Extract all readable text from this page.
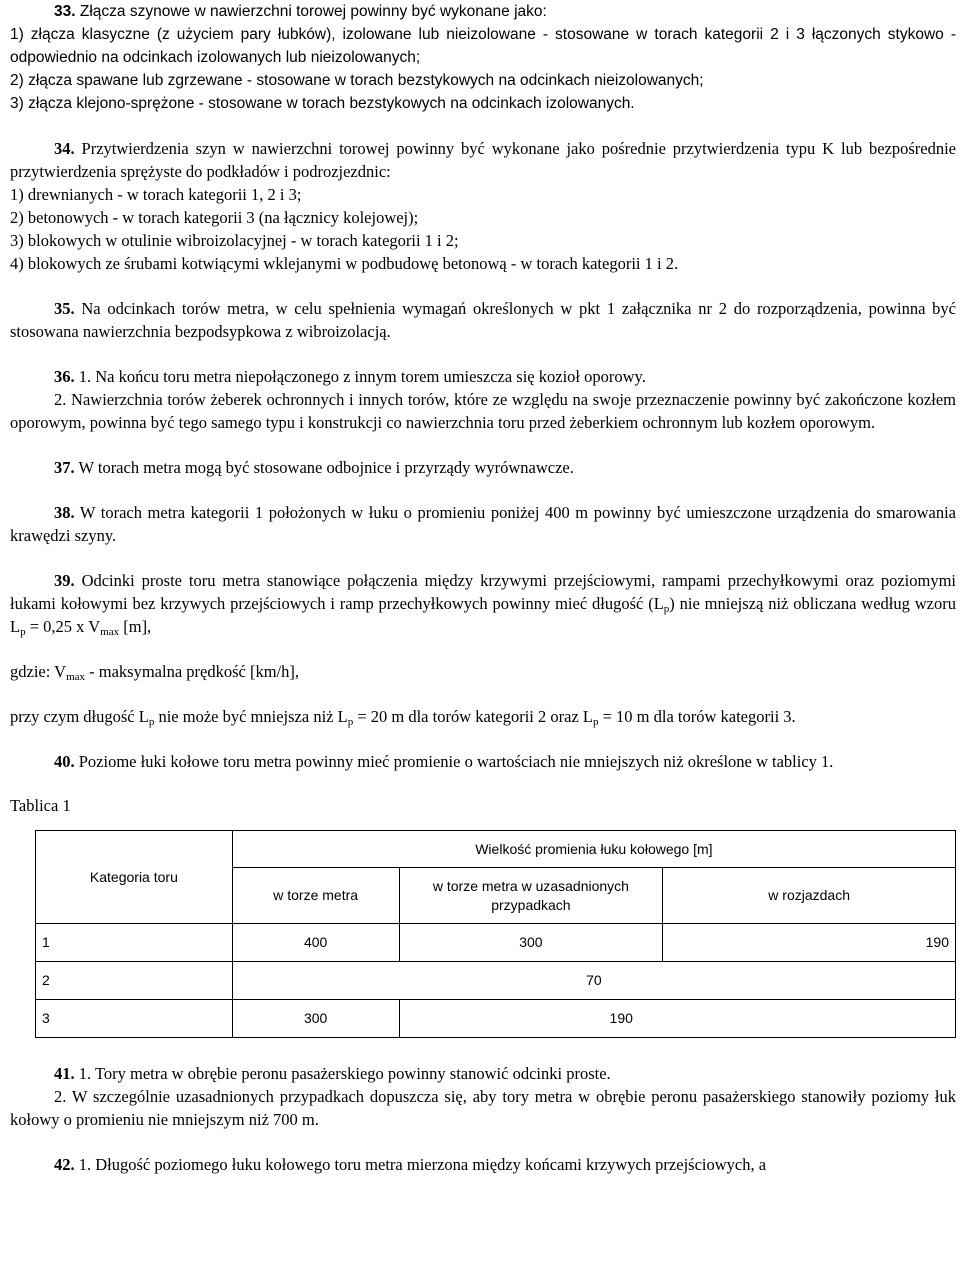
33. Złącza szynowe w nawierzchni torowej powinny być wykonane jako:

1) złącza klasyczne (z użyciem pary łubków), izolowane lub nieizolowane - stosowane w torach kategorii 2 i 3 łączonych stykowo - odpowiednio na odcinkach izolowanych lub nieizolowanych;

2) złącza spawane lub zgrzewane - stosowane w torach bezstykowych na odcinkach nieizolowanych;

3) złącza klejono-sprężone - stosowane w torach bezstykowych na odcinkach izolowanych.

34. Przytwierdzenia szyn w nawierzchni torowej powinny być wykonane jako pośrednie przytwierdzenia typu K lub bezpośrednie przytwierdzenia sprężyste do podkładów i podrozjezdnic:

1) drewnianych - w torach kategorii 1, 2 i 3;

2) betonowych - w torach kategorii 3 (na łącznicy kolejowej);

3) blokowych w otulinie wibroizolacyjnej - w torach kategorii 1 i 2;

4) blokowych ze śrubami kotwiącymi wklejanymi w podbudowę betonową - w torach kategorii 1 i 2.

35. Na odcinkach torów metra, w celu spełnienia wymagań określonych w pkt 1 załącznika nr 2 do rozporządzenia, powinna być stosowana nawierzchnia bezpodsypkowa z wibroizolacją.

36. 1. Na końcu toru metra niepołączonego z innym torem umieszcza się kozioł oporowy.

2. Nawierzchnia torów żeberek ochronnych i innych torów, które ze względu na swoje przeznaczenie powinny być zakończone kozłem oporowym, powinna być tego samego typu i konstrukcji co nawierzchnia toru przed żeberkiem ochronnym lub kozłem oporowym.

37. W torach metra mogą być stosowane odbojnice i przyrządy wyrównawcze.

38. W torach metra kategorii 1 położonych w łuku o promieniu poniżej 400 m powinny być umieszczone urządzenia do smarowania krawędzi szyny.

39. Odcinki proste toru metra stanowiące połączenia między krzywymi przejściowymi, rampami przechyłkowymi oraz poziomymi łukami kołowymi bez krzywych przejściowych i ramp przechyłkowych powinny mieć długość $(L_p)$ nie mniejszą niż obliczana według wzoru $L_p = 0,25$ x $V_{max}$ [m],

gdzie: $V_{max}$ - maksymalna prędkość [km/h],

przy czym długość $L_p$ nie może być mniejsza niż $L_p = 20$ m dla torów kategorii 2 oraz $L_p = 10$ m dla torów kategorii 3.

40. Poziome łuki kołowe toru metra powinny mieć promienie o wartościach nie mniejszych niż określone w tablicy 1.

Tablica 1

Kategoria toru	Wielkość promienia łuku kołowego [m]		
	w torze metra	w torze metra w uzasadnionych przypadkach	w rozjazdach
1	400	300	190
2	70		
3	300	190	

41. 1. Tory metra w obrębie peronu pasażerskiego powinny stanowić odcinki proste.

2. W szczególnie uzasadnionych przypadkach dopuszcza się, aby tory metra w obrębie peronu pasażerskiego stanowiły poziomy łuk kołowy o promieniu nie mniejszym niż 700 m.

42. 1. Długość poziomego łuku kołowego toru metra mierzona między końcami krzywych przejściowych, a
